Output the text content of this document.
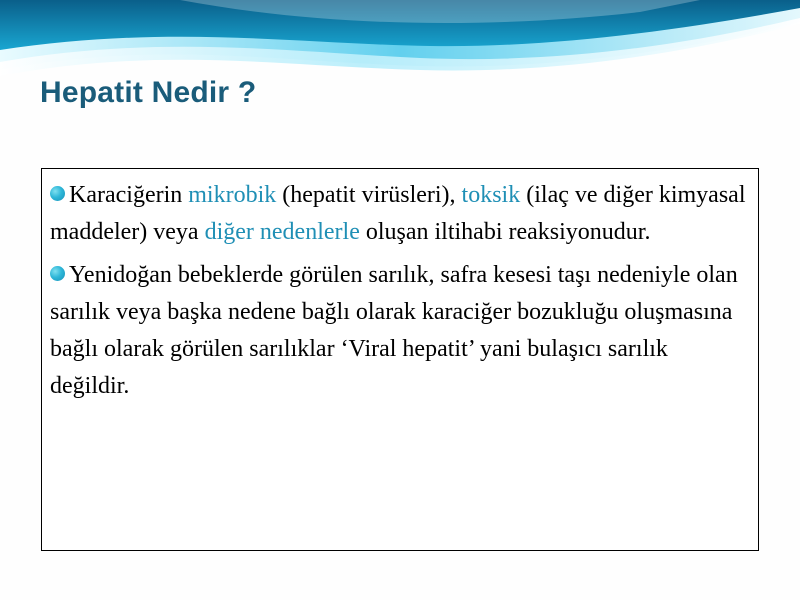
Hepatit Nedir ?

Karaciğerin mikrobik (hepatit virüsleri), toksik (ilaç ve diğer kimyasal maddeler) veya diğer nedenlerle oluşan iltihabi reaksiyonudur.

Yenidoğan bebeklerde görülen sarılık, safra kesesi taşı nedeniyle olan sarılık veya başka nedene bağlı olarak karaciğer bozukluğu oluşmasına bağlı olarak görülen sarılıklar ‘Viral hepatit’ yani bulaşıcı sarılık değildir.
